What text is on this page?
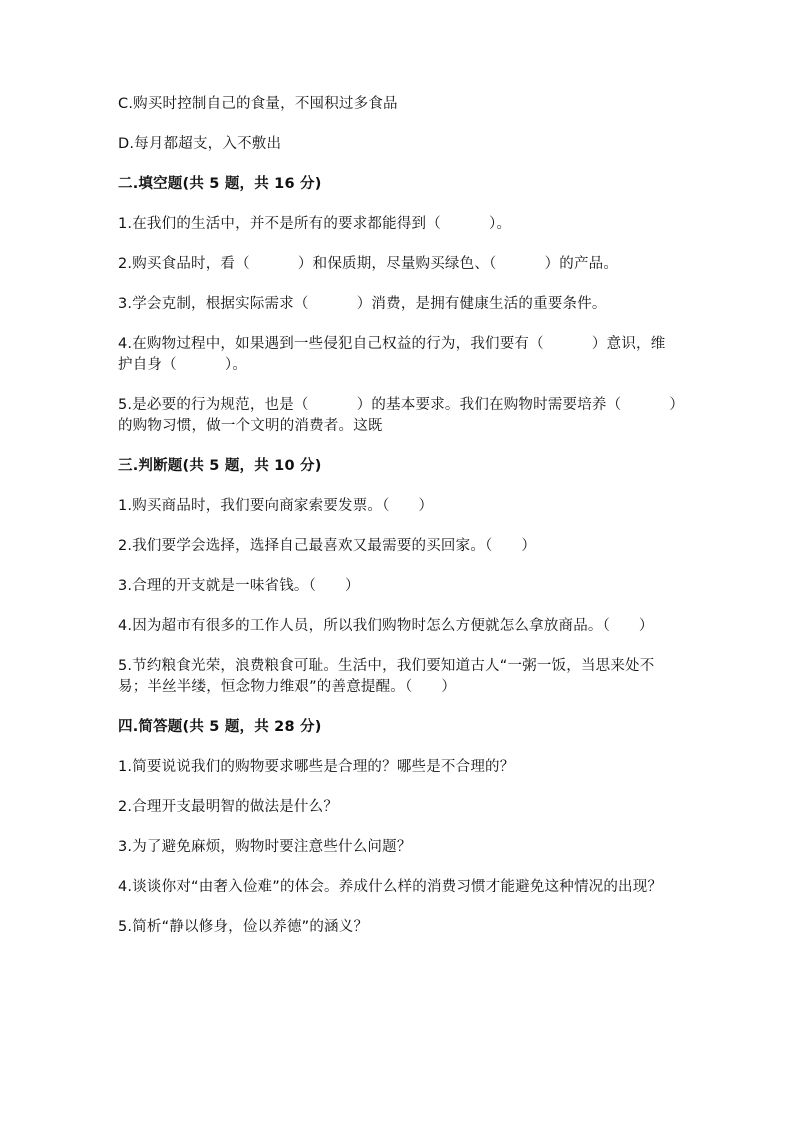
C.购买时控制自己的食量，不囤积过多食品

D.每月都超支，入不敷出

二.填空题(共 5 题，共 16 分)

1.在我们的生活中，并不是所有的要求都能得到（          ）。

2.购买食品时，看（          ）和保质期，尽量购买绿色、（          ）的产品。

3.学会克制，根据实际需求（          ）消费，是拥有健康生活的重要条件。

4.在购物过程中，如果遇到一些侵犯自己权益的行为，我们要有（          ）意识，维护自身（          ）。

5.是必要的行为规范，也是（          ）的基本要求。我们在购物时需要培养（          ）的购物习惯，做一个文明的消费者。这既

三.判断题(共 5 题，共 10 分)

1.购买商品时，我们要向商家索要发票。（      ）

2.我们要学会选择，选择自己最喜欢又最需要的买回家。（      ）

3.合理的开支就是一味省钱。（      ）

4.因为超市有很多的工作人员，所以我们购物时怎么方便就怎么拿放商品。（      ）

5.节约粮食光荣，浪费粮食可耻。生活中，我们要知道古人“一粥一饭，当思来处不易；半丝半缕，恒念物力维艰”的善意提醒。（      ）

四.简答题(共 5 题，共 28 分)

1.简要说说我们的购物要求哪些是合理的？哪些是不合理的？

2.合理开支最明智的做法是什么？

3.为了避免麻烦，购物时要注意些什么问题？

4.谈谈你对“由奢入俭难”的体会。养成什么样的消费习惯才能避免这种情况的出现？

5.简析“静以修身，俭以养德”的涵义？
